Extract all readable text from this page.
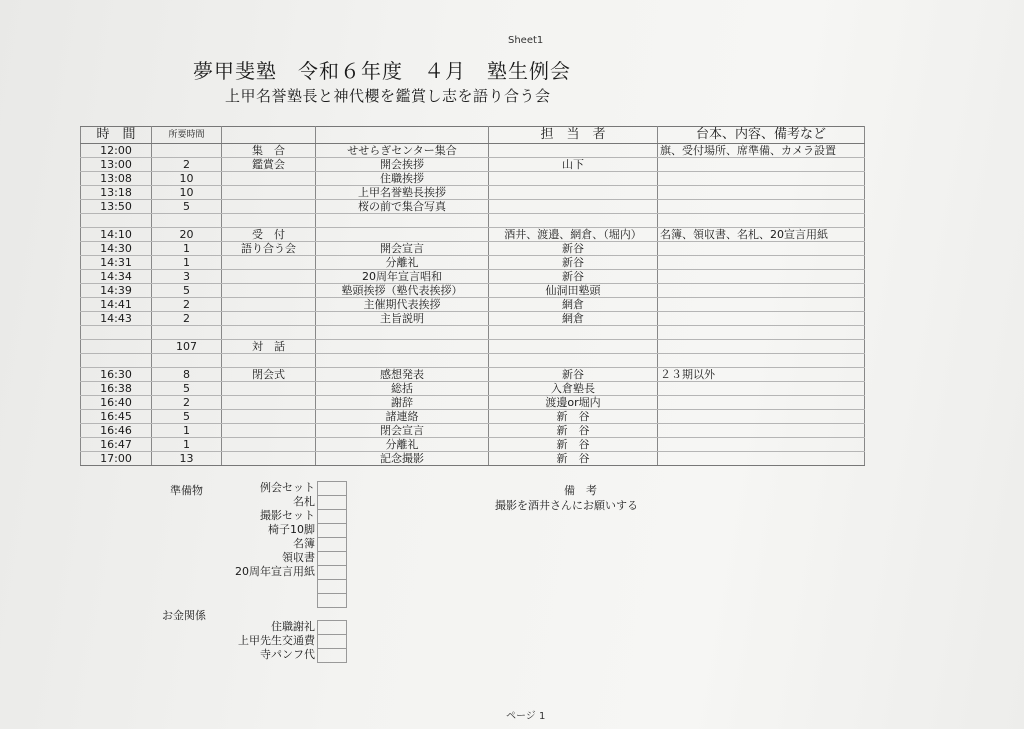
Sheet1
夢甲斐塾　令和６年度　４月　塾生例会
上甲名誉塾長と神代櫻を鑑賞し志を語り合う会
時　間	所要時間			担　当　者	台本、内容、備考など
12:00		集　合	せせらぎセンター集合		旗、受付場所、席準備、カメラ設置
13:00	2	鑑賞会	開会挨拶	山下	
13:08	10		住職挨拶		
13:18	10		上甲名誉塾長挨拶		
13:50	5		桜の前で集合写真		

14:10	20	受　付		酒井、渡邉、網倉、（堀内）	名簿、領収書、名札、20宣言用紙
14:30	1	語り合う会	開会宣言	新谷	
14:31	1		分離礼	新谷	
14:34	3		20周年宣言唱和	新谷	
14:39	5		塾頭挨拶（塾代表挨拶）	仙洞田塾頭	
14:41	2		主催期代表挨拶	網倉	
14:43	2		主旨説明	網倉	

	107	対　話			

16:30	8	閉会式	感想発表	新谷	２３期以外
16:38	5		総括	入倉塾長	
16:40	2		謝辞	渡邊or堀内	
16:45	5		諸連絡	新　谷	
16:46	1		閉会宣言	新　谷	
16:47	1		分離礼	新　谷	
17:00	13		記念撮影	新　谷	
準備物	例会セット
名札
撮影セット
椅子10脚
名簿
領収書
20周年宣言用紙
お金関係
住職謝礼
上甲先生交通費
寺パンフ代
備　考
撮影を酒井さんにお願いする
ページ 1
